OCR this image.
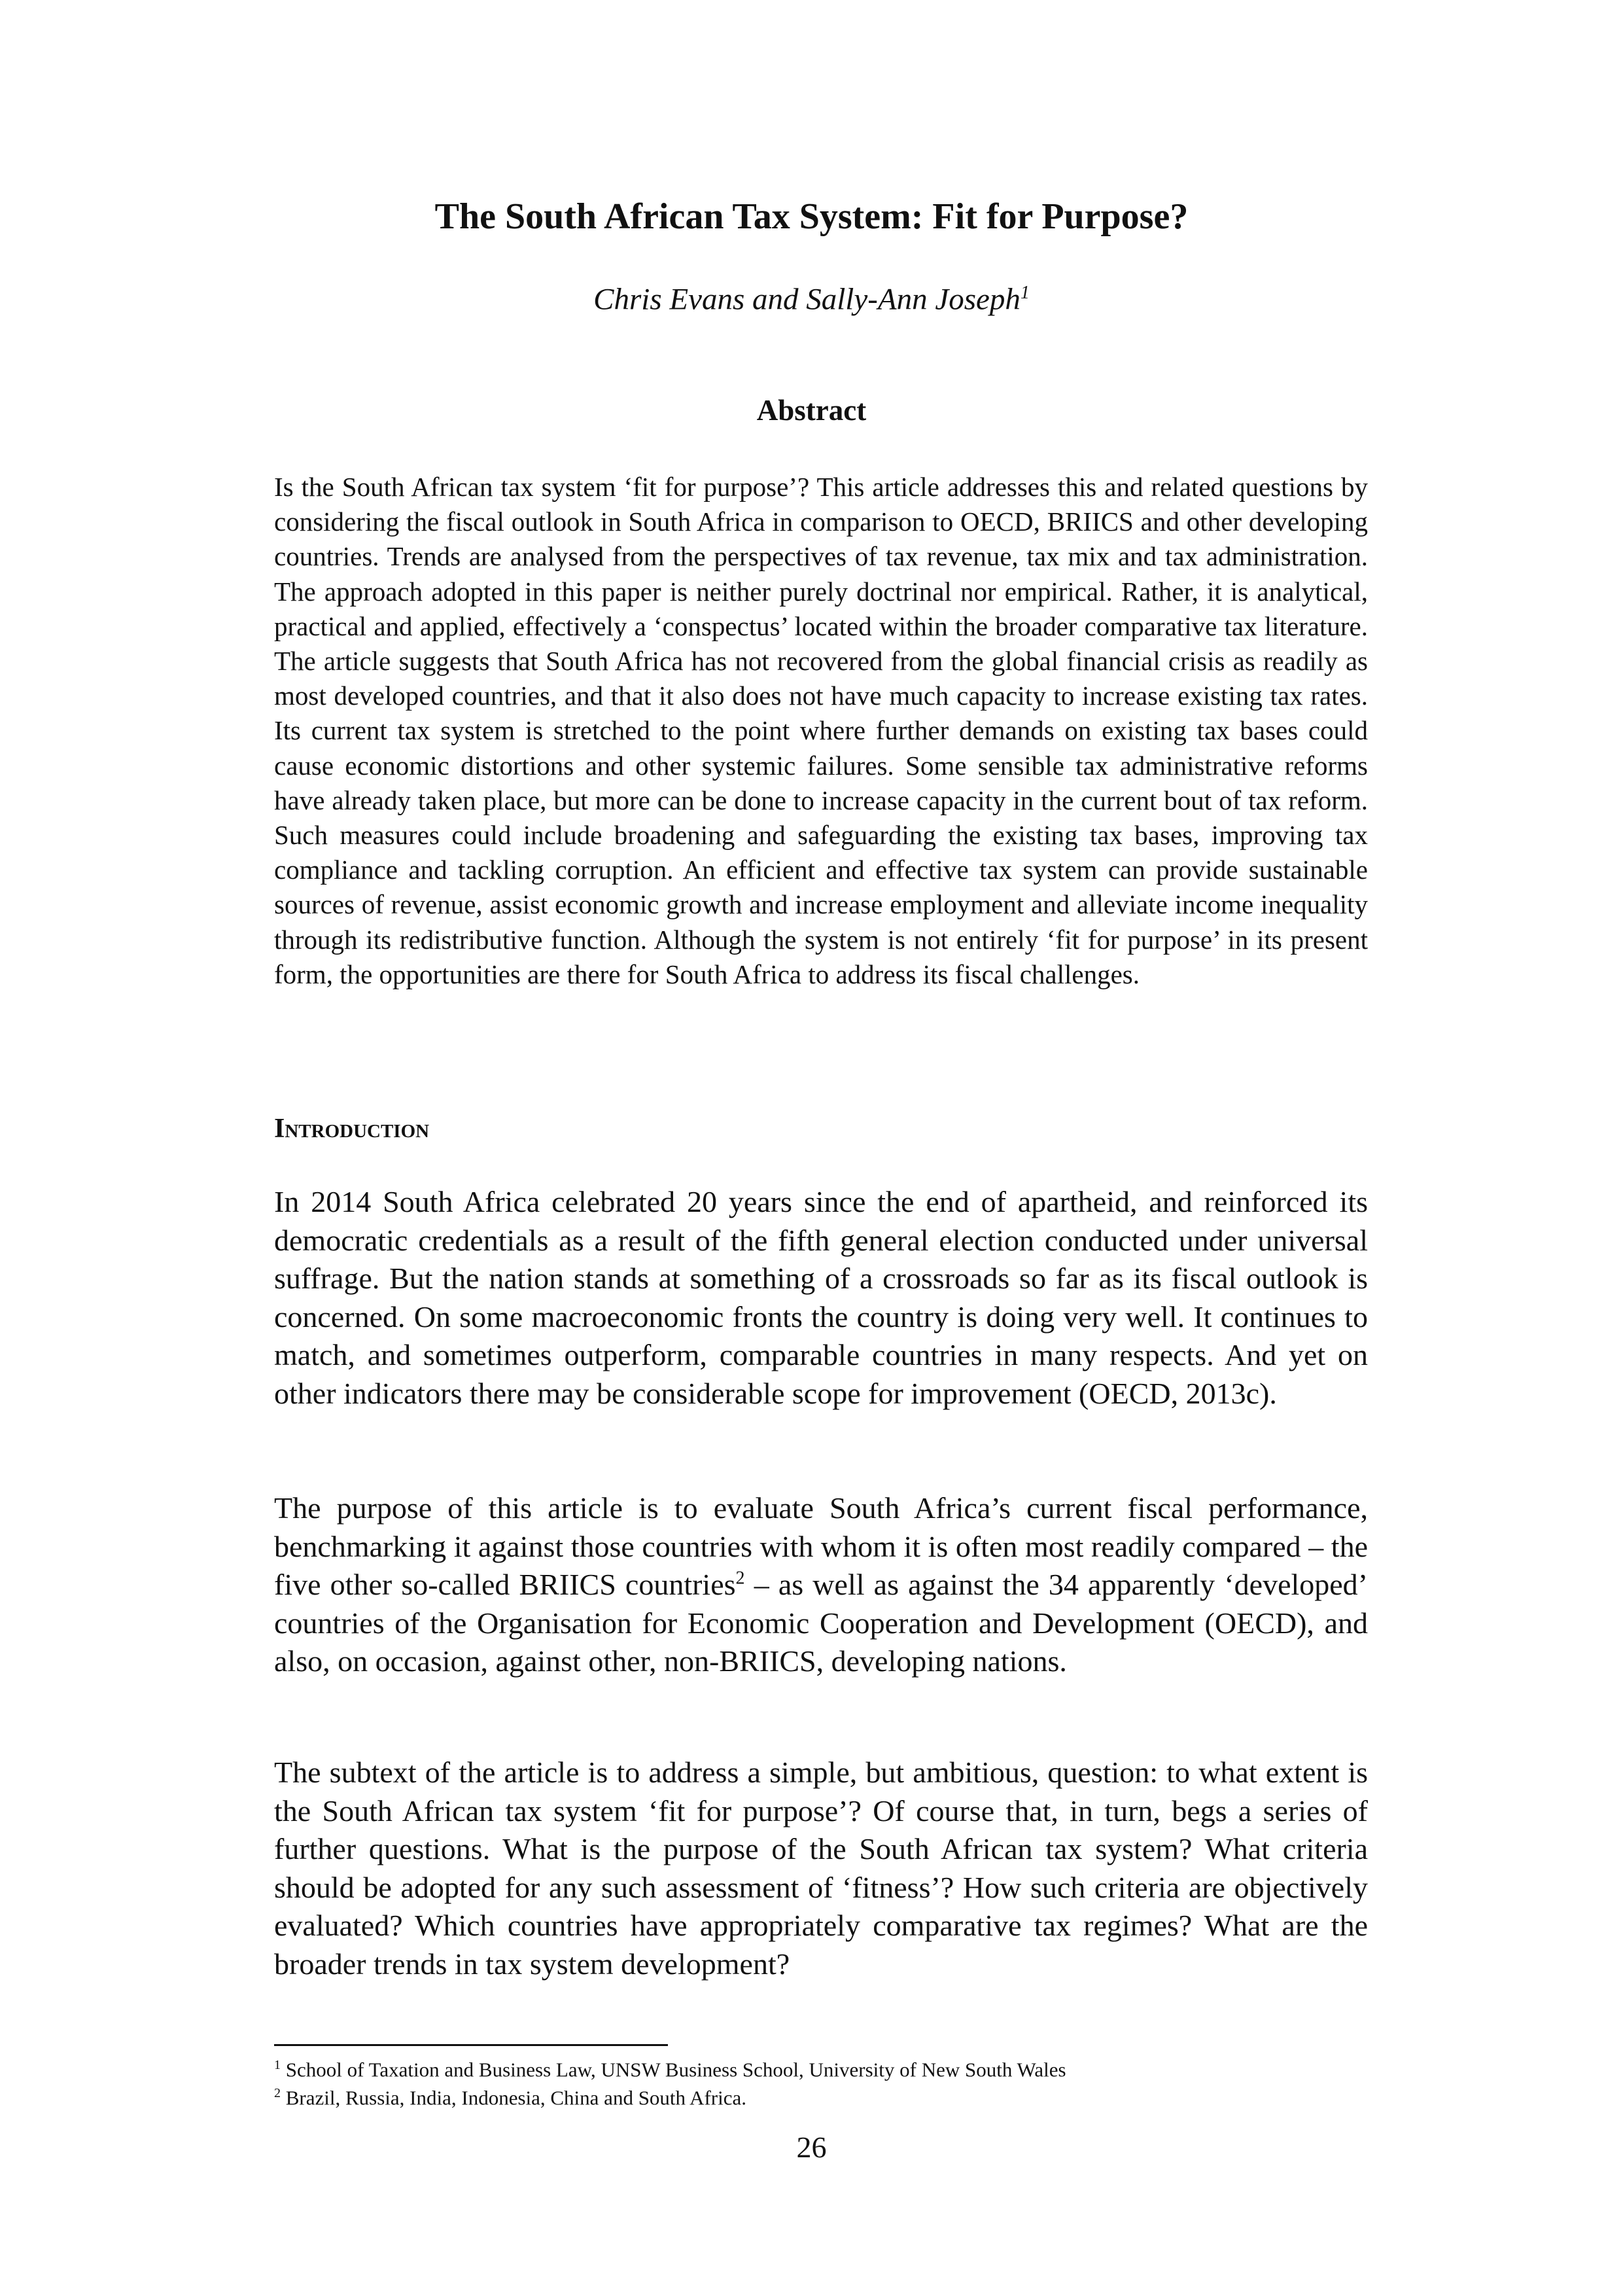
The South African Tax System: Fit for Purpose?

Chris Evans and Sally-Ann Joseph$^1$

Abstract

Is the South African tax system ‘fit for purpose’? This article addresses this and related questions by considering the fiscal outlook in South Africa in comparison to OECD, BRIICS and other developing countries. Trends are analysed from the perspectives of tax revenue, tax mix and tax administration. The approach adopted in this paper is neither purely doctrinal nor empirical. Rather, it is analytical, practical and applied, effectively a ‘conspectus’ located within the broader comparative tax literature. The article suggests that South Africa has not recovered from the global financial crisis as readily as most developed countries, and that it also does not have much capacity to increase existing tax rates. Its current tax system is stretched to the point where further demands on existing tax bases could cause economic distortions and other systemic failures. Some sensible tax administrative reforms have already taken place, but more can be done to increase capacity in the current bout of tax reform. Such measures could include broadening and safeguarding the existing tax bases, improving tax compliance and tackling corruption. An efficient and effective tax system can provide sustainable sources of revenue, assist economic growth and increase employment and alleviate income inequality through its redistributive function. Although the system is not entirely ‘fit for purpose’ in its present form, the opportunities are there for South Africa to address its fiscal challenges.

Introduction

In 2014 South Africa celebrated 20 years since the end of apartheid, and reinforced its democratic credentials as a result of the fifth general election conducted under universal suffrage. But the nation stands at something of a crossroads so far as its fiscal outlook is concerned. On some macroeconomic fronts the country is doing very well. It continues to match, and sometimes outperform, comparable countries in many respects. And yet on other indicators there may be considerable scope for improvement (OECD, 2013c).

The purpose of this article is to evaluate South Africa’s current fiscal performance, benchmarking it against those countries with whom it is often most readily compared – the five other so-called BRIICS countries$^2$ – as well as against the 34 apparently ‘developed’ countries of the Organisation for Economic Cooperation and Development (OECD), and also, on occasion, against other, non-BRIICS, developing nations.

The subtext of the article is to address a simple, but ambitious, question: to what extent is the South African tax system ‘fit for purpose’? Of course that, in turn, begs a series of further questions. What is the purpose of the South African tax system? What criteria should be adopted for any such assessment of ‘fitness’? How such criteria are objectively evaluated? Which countries have appropriately comparative tax regimes? What are the broader trends in tax system development?

$^1$ School of Taxation and Business Law, UNSW Business School, University of New South Wales
$^2$ Brazil, Russia, India, Indonesia, China and South Africa.

26
